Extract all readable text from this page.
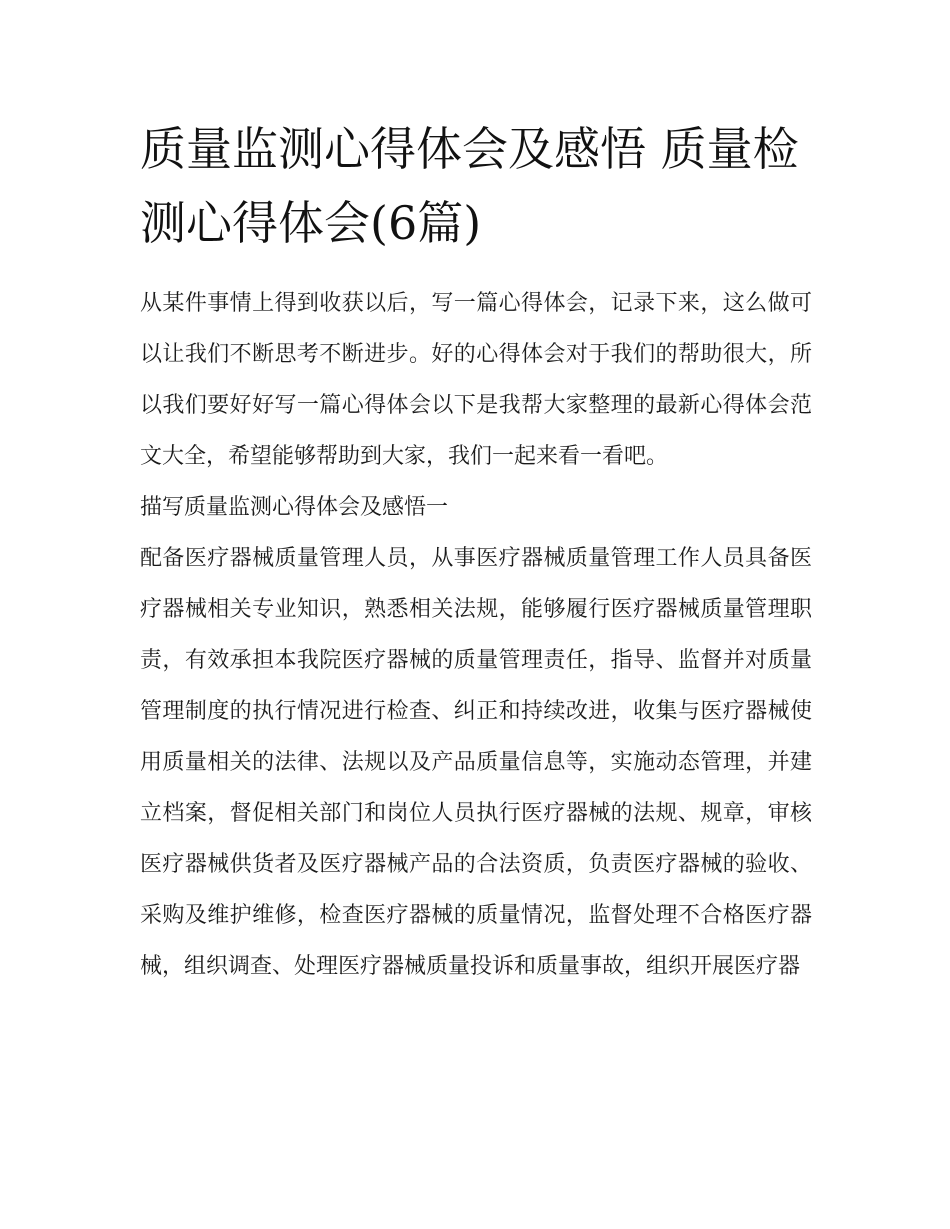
质量监测心得体会及感悟 质量检测心得体会(6篇)

从某件事情上得到收获以后，写一篇心得体会，记录下来，这么做可以让我们不断思考不断进步。好的心得体会对于我们的帮助很大，所以我们要好好写一篇心得体会以下是我帮大家整理的最新心得体会范文大全，希望能够帮助到大家，我们一起来看一看吧。

描写质量监测心得体会及感悟一

配备医疗器械质量管理人员，从事医疗器械质量管理工作人员具备医疗器械相关专业知识，熟悉相关法规，能够履行医疗器械质量管理职责，有效承担本我院医疗器械的质量管理责任，指导、监督并对质量管理制度的执行情况进行检查、纠正和持续改进，收集与医疗器械使用质量相关的法律、法规以及产品质量信息等，实施动态管理，并建立档案，督促相关部门和岗位人员执行医疗器械的法规、规章，审核医疗器械供货者及医疗器械产品的合法资质，负责医疗器械的验收、采购及维护维修，检查医疗器械的质量情况，监督处理不合格医疗器械，组织调查、处理医疗器械质量投诉和质量事故，组织开展医疗器
